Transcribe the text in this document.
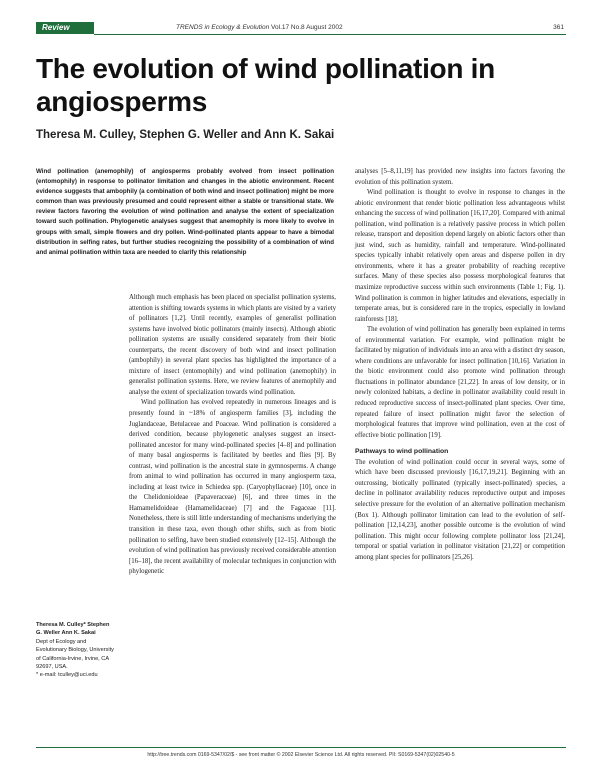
Review	TRENDS in Ecology & Evolution Vol.17 No.8 August 2002	361
The evolution of wind pollination in angiosperms
Theresa M. Culley, Stephen G. Weller and Ann K. Sakai
Wind pollination (anemophily) of angiosperms probably evolved from insect pollination (entomophily) in response to pollinator limitation and changes in the abiotic environment. Recent evidence suggests that ambophily (a combination of both wind and insect pollination) might be more common than was previously presumed and could represent either a stable or transitional state. We review factors favoring the evolution of wind pollination and analyse the extent of specialization toward such pollination. Phylogenetic analyses suggest that anemophily is more likely to evolve in groups with small, simple flowers and dry pollen. Wind-pollinated plants appear to have a bimodal distribution in selfing rates, but further studies recognizing the possibility of a combination of wind and animal pollination within taxa are needed to clarify this relationship

Although much emphasis has been placed on specialist pollination systems, attention is shifting towards systems in which plants are visited by a variety of pollinators [1,2]. Until recently, examples of generalist pollination systems have involved biotic pollinators (mainly insects). Although abiotic pollination systems are usually considered separately from their biotic counterparts, the recent discovery of both wind and insect pollination (ambophily) in several plant species has highlighted the importance of a mixture of insect (entomophily) and wind pollination (anemophily) in generalist pollination systems. Here, we review features of anemophily and analyse the extent of specialization towards wind pollination.

Wind pollination has evolved repeatedly in numerous lineages and is presently found in ~18% of angiosperm families [3], including the Juglandaceae, Betulaceae and Poaceae. Wind pollination is considered a derived condition, because phylogenetic analyses suggest an insect-pollinated ancestor for many wind-pollinated species [4–8] and pollination of many basal angiosperms is facilitated by beetles and flies [9]. By contrast, wind pollination is the ancestral state in gymnosperms. A change from animal to wind pollination has occurred in many angiosperm taxa, including at least twice in Schiedea spp. (Caryophyllaceae) [10], once in the Chelidonioideae (Papaveraceae) [6], and three times in the Hamamelidoideae (Hamamelidaceae) [7] and the Fagaceae [11]. Nonetheless, there is still little understanding of mechanisms underlying the transition in these taxa, even though other shifts, such as from biotic pollination to selfing, have been studied extensively [12–15]. Although the evolution of wind pollination has previously received considerable attention [16–18], the recent availability of molecular techniques in conjunction with phylogenetic

analyses [5–8,11,19] has provided new insights into factors favoring the evolution of this pollination system.

Wind pollination is thought to evolve in response to changes in the abiotic environment that render biotic pollination less advantageous whilst enhancing the success of wind pollination [16,17,20]. Compared with animal pollination, wind pollination is a relatively passive process in which pollen release, transport and deposition depend largely on abiotic factors other than just wind, such as humidity, rainfall and temperature. Wind-pollinated species typically inhabit relatively open areas and disperse pollen in dry environments, where it has a greater probability of reaching receptive surfaces. Many of these species also possess morphological features that maximize reproductive success within such environments (Table 1; Fig. 1). Wind pollination is common in higher latitudes and elevations, especially in temperate areas, but is considered rare in the tropics, especially in lowland rainforests [18].

The evolution of wind pollination has generally been explained in terms of environmental variation. For example, wind pollination might be facilitated by migration of individuals into an area with a distinct dry season, where conditions are unfavorable for insect pollination [10,16]. Variation in the biotic environment could also promote wind pollination through fluctuations in pollinator abundance [21,22]. In areas of low density, or in newly colonized habitats, a decline in pollinator availability could result in reduced reproductive success of insect-pollinated plant species. Over time, repeated failure of insect pollination might favor the selection of morphological features that improve wind pollination, even at the cost of effective biotic pollination [19].

Pathways to wind pollination

The evolution of wind pollination could occur in several ways, some of which have been discussed previously [16,17,19,21]. Beginning with an outcrossing, biotically pollinated (typically insect-pollinated) species, a decline in pollinator availability reduces reproductive output and imposes selective pressure for the evolution of an alternative pollination mechanism (Box 1). Although pollinator limitation can lead to the evolution of self-pollination [12,14,23], another possible outcome is the evolution of wind pollination. This might occur following complete pollinator loss [21,24], temporal or spatial variation in pollinator visitation [21,22] or competition among plant species for pollinators [25,26].

Theresa M. Culley* Stephen G. Weller Ann K. Sakai
Dept of Ecology and Evolutionary Biology, University of California-Irvine, Irvine, CA 92697, USA.
* e-mail: tculley@uci.edu
http://tree.trends.com 0169-5347/02/$ - see front matter © 2002 Elsevier Science Ltd. All rights reserved. PII: S0169-5347(02)02540-5
